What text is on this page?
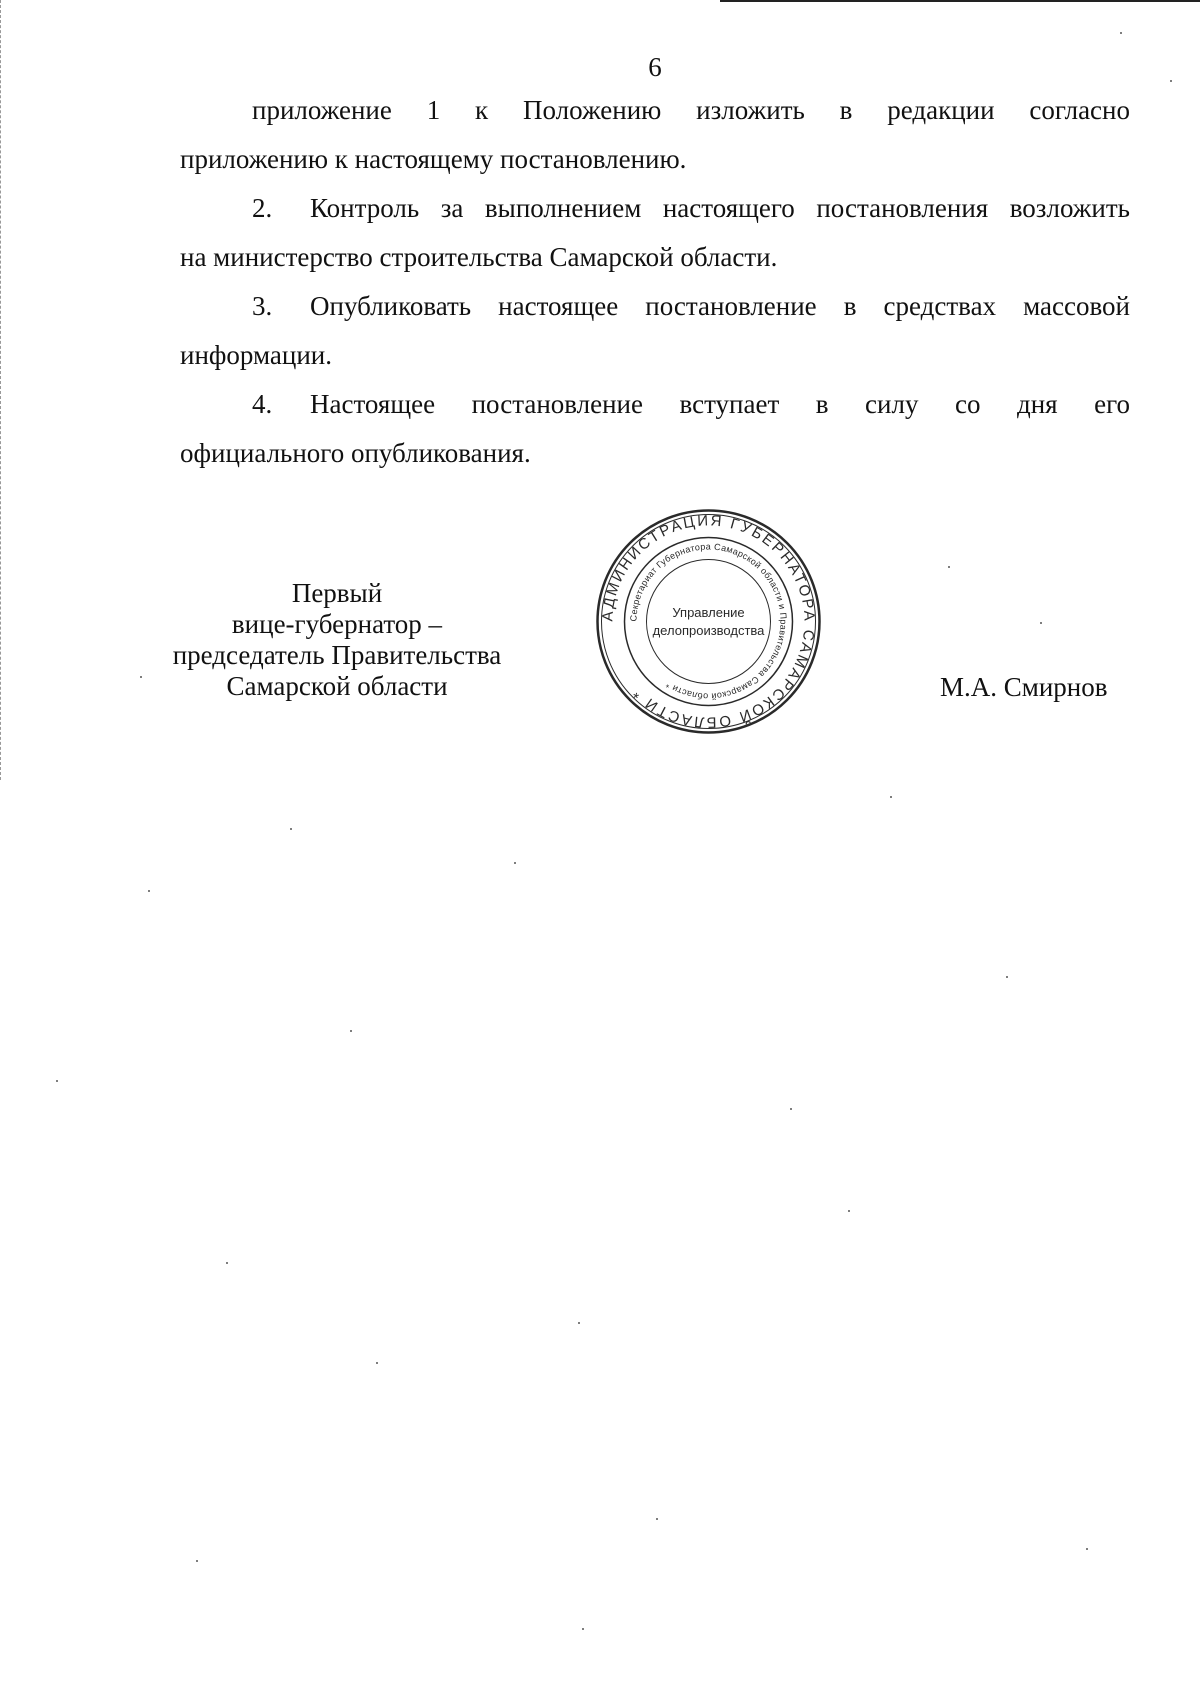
6

приложение 1 к Положению изложить в редакции согласно

приложению к настоящему постановлению.

2. Контроль за выполнением настоящего постановления возложить

на министерство строительства Самарской области.

3. Опубликовать настоящее постановление в средствах массовой

информации.

4. Настоящее постановление вступает в силу со дня его

официального опубликования.

Первый
вице-губернатор –
председатель Правительства
Самарской области
АДМИНИСТРАЦИЯ ГУБЕРНАТОРА САМАРСКОЙ ОБЛАСТИ *
Секретариат Губернатора Самарской области и Правительства Самарской области *
Управление
делопроизводства
М.А. Смирнов
